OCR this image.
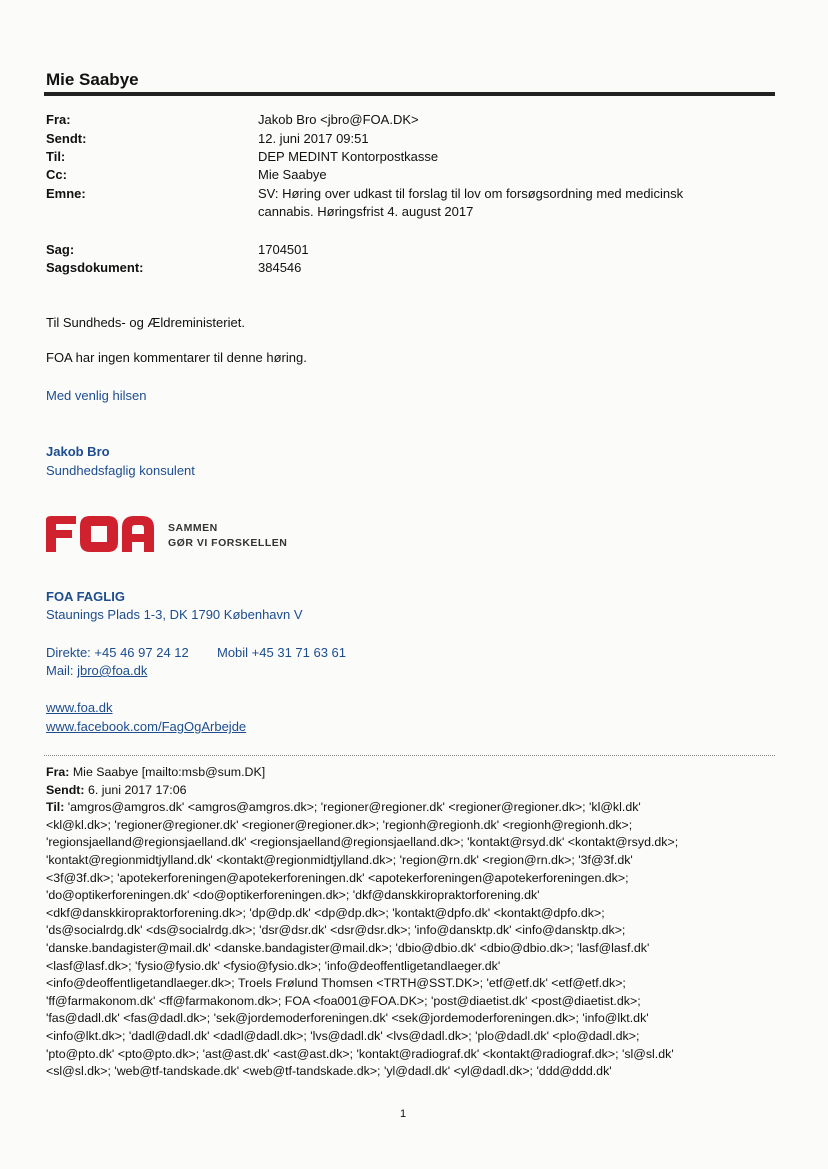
Mie Saabye
Fra:	Jakob Bro <jbro@FOA.DK>
Sendt:	12. juni 2017 09:51
Til:	DEP MEDINT Kontorpostkasse
Cc:	Mie Saabye
Emne:	SV: Høring over udkast til forslag til lov om forsøgsordning med medicinsk
cannabis. Høringsfrist 4. august 2017
Sag:	1704501
Sagsdokument:	384546
Til Sundheds- og Ældreministeriet.
FOA har ingen kommentarer til denne høring.
Med venlig hilsen
Jakob Bro
Sundhedsfaglig konsulent
SAMMEN
GØR VI FORSKELLEN
FOA FAGLIG
Staunings Plads 1-3, DK 1790 København V
Direkte: +45 46 97 24 12 Mobil +45 31 71 63 61
Mail: jbro@foa.dk
www.foa.dk
www.facebook.com/FagOgArbejde
Fra: Mie Saabye [mailto:msb@sum.DK]
Sendt: 6. juni 2017 17:06
Til: 'amgros@amgros.dk' <amgros@amgros.dk>; 'regioner@regioner.dk' <regioner@regioner.dk>; 'kl@kl.dk'
<kl@kl.dk>; 'regioner@regioner.dk' <regioner@regioner.dk>; 'regionh@regionh.dk' <regionh@regionh.dk>;
'regionsjaelland@regionsjaelland.dk' <regionsjaelland@regionsjaelland.dk>; 'kontakt@rsyd.dk' <kontakt@rsyd.dk>;
'kontakt@regionmidtjylland.dk' <kontakt@regionmidtjylland.dk>; 'region@rn.dk' <region@rn.dk>; '3f@3f.dk'
<3f@3f.dk>; 'apotekerforeningen@apotekerforeningen.dk' <apotekerforeningen@apotekerforeningen.dk>;
'do@optikerforeningen.dk' <do@optikerforeningen.dk>; 'dkf@danskkiropraktorforening.dk'
<dkf@danskkiropraktorforening.dk>; 'dp@dp.dk' <dp@dp.dk>; 'kontakt@dpfo.dk' <kontakt@dpfo.dk>;
'ds@socialrdg.dk' <ds@socialrdg.dk>; 'dsr@dsr.dk' <dsr@dsr.dk>; 'info@dansktp.dk' <info@dansktp.dk>;
'danske.bandagister@mail.dk' <danske.bandagister@mail.dk>; 'dbio@dbio.dk' <dbio@dbio.dk>; 'lasf@lasf.dk'
<lasf@lasf.dk>; 'fysio@fysio.dk' <fysio@fysio.dk>; 'info@deoffentligetandlaeger.dk'
<info@deoffentligetandlaeger.dk>; Troels Frølund Thomsen <TRTH@SST.DK>; 'etf@etf.dk' <etf@etf.dk>;
'ff@farmakonom.dk' <ff@farmakonom.dk>; FOA <foa001@FOA.DK>; 'post@diaetist.dk' <post@diaetist.dk>;
'fas@dadl.dk' <fas@dadl.dk>; 'sek@jordemoderforeningen.dk' <sek@jordemoderforeningen.dk>; 'info@lkt.dk'
<info@lkt.dk>; 'dadl@dadl.dk' <dadl@dadl.dk>; 'lvs@dadl.dk' <lvs@dadl.dk>; 'plo@dadl.dk' <plo@dadl.dk>;
'pto@pto.dk' <pto@pto.dk>; 'ast@ast.dk' <ast@ast.dk>; 'kontakt@radiograf.dk' <kontakt@radiograf.dk>; 'sl@sl.dk'
<sl@sl.dk>; 'web@tf-tandskade.dk' <web@tf-tandskade.dk>; 'yl@dadl.dk' <yl@dadl.dk>; 'ddd@ddd.dk'
1
